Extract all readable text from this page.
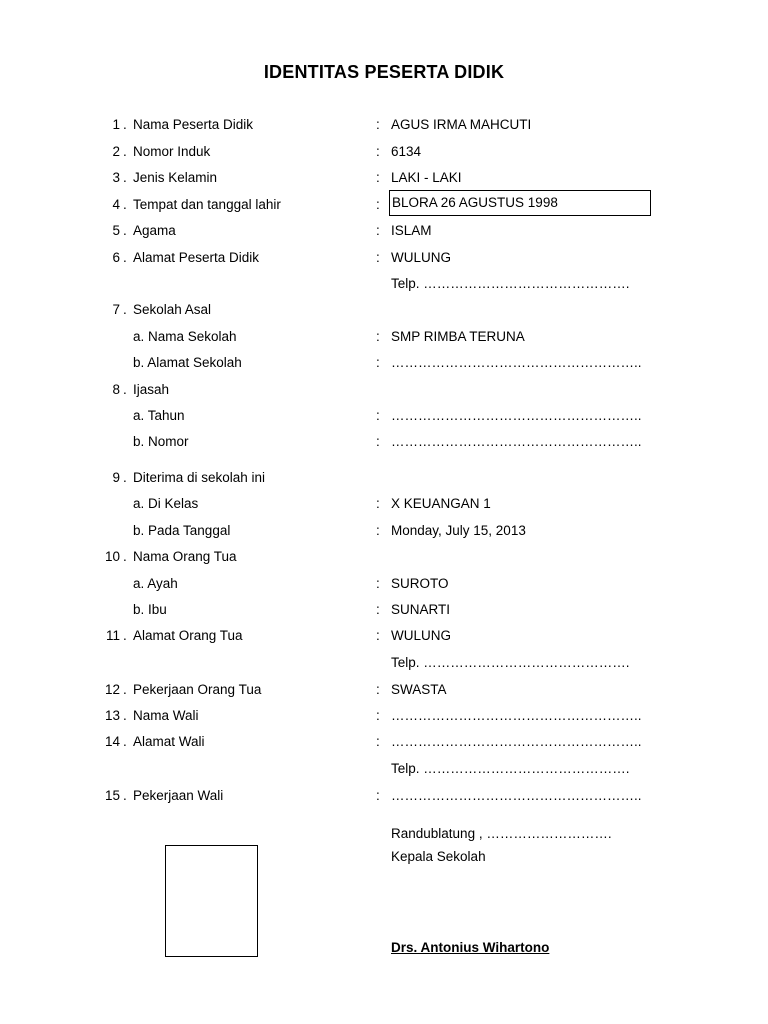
IDENTITAS PESERTA DIDIK
1 . Nama Peserta Didik	: AGUS IRMA MAHCUTI
2 . Nomor Induk	: 6134
3 . Jenis Kelamin	: LAKI - LAKI
4 . Tempat dan tanggal lahir	: BLORA 26 AGUSTUS 1998
5 . Agama	: ISLAM
6 . Alamat Peserta Didik	: WULUNG
Telp. ……………………………………….
7 . Sekolah Asal
a. Nama Sekolah	: SMP RIMBA TERUNA
b. Alamat Sekolah	: ………………………………………………..
8 . Ijasah
a. Tahun	: ………………………………………………..
b. Nomor	: ………………………………………………..
9 . Diterima di sekolah ini
a. Di Kelas	: X KEUANGAN 1
b. Pada Tanggal	: Monday, July 15, 2013
10 . Nama Orang Tua
a. Ayah	: SUROTO
b. Ibu	: SUNARTI
11 . Alamat Orang Tua	: WULUNG
Telp. ……………………………………….
12 . Pekerjaan Orang Tua	: SWASTA
13 . Nama Wali	: ………………………………………………..
14 . Alamat Wali	: ………………………………………………..
Telp. ……………………………………….
15 . Pekerjaan Wali	: ………………………………………………..
Randublatung , ……………………….
Kepala Sekolah
Drs. Antonius Wihartono
